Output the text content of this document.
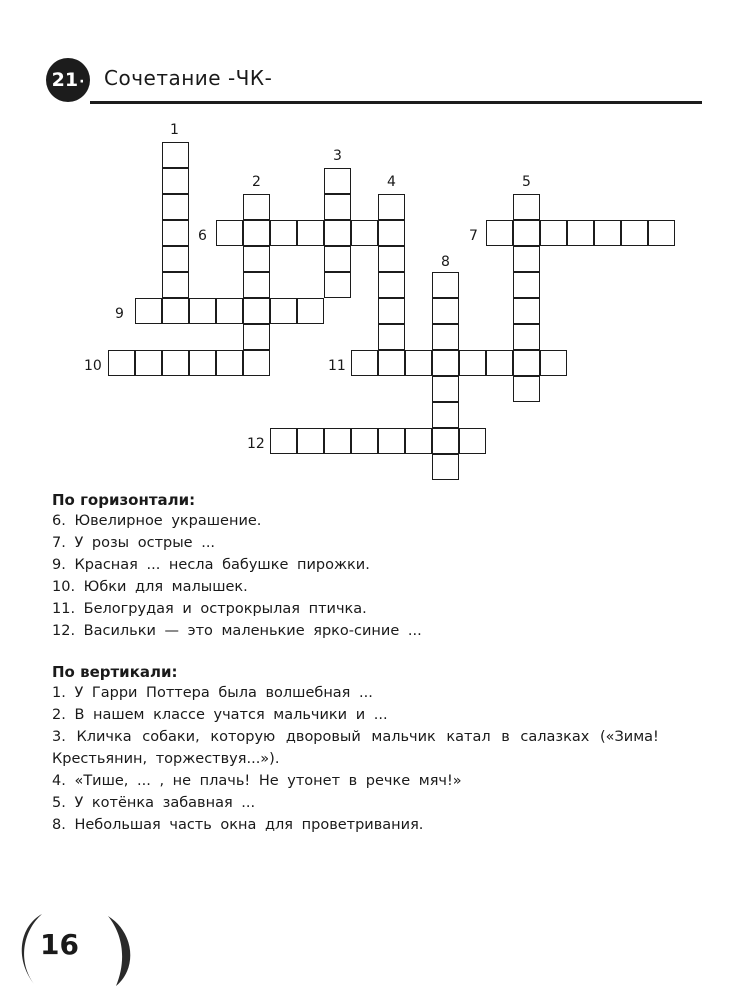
21· Сочетание -ЧК-
1
2
3
4	5
6	7
8
9
10	11
12
По горизонтали:
6. Ювелирное украшение.
7. У розы острые ...
9. Красная ... несла бабушке пирожки.
10. Юбки для малышек.
11. Белогрудая и острокрылая птичка.
12. Васильки — это маленькие ярко-синие ...
По вертикали:
1. У Гарри Поттера была волшебная ...
2. В нашем классе учатся мальчики и ...
3. Кличка собаки, которую дворовый мальчик катал в салазках («Зима!
Крестьянин, торжествуя...»).
4. «Тише, ... , не плачь! Не утонет в речке мяч!»
5. У котёнка забавная ...
8. Небольшая часть окна для проветривания.
16
